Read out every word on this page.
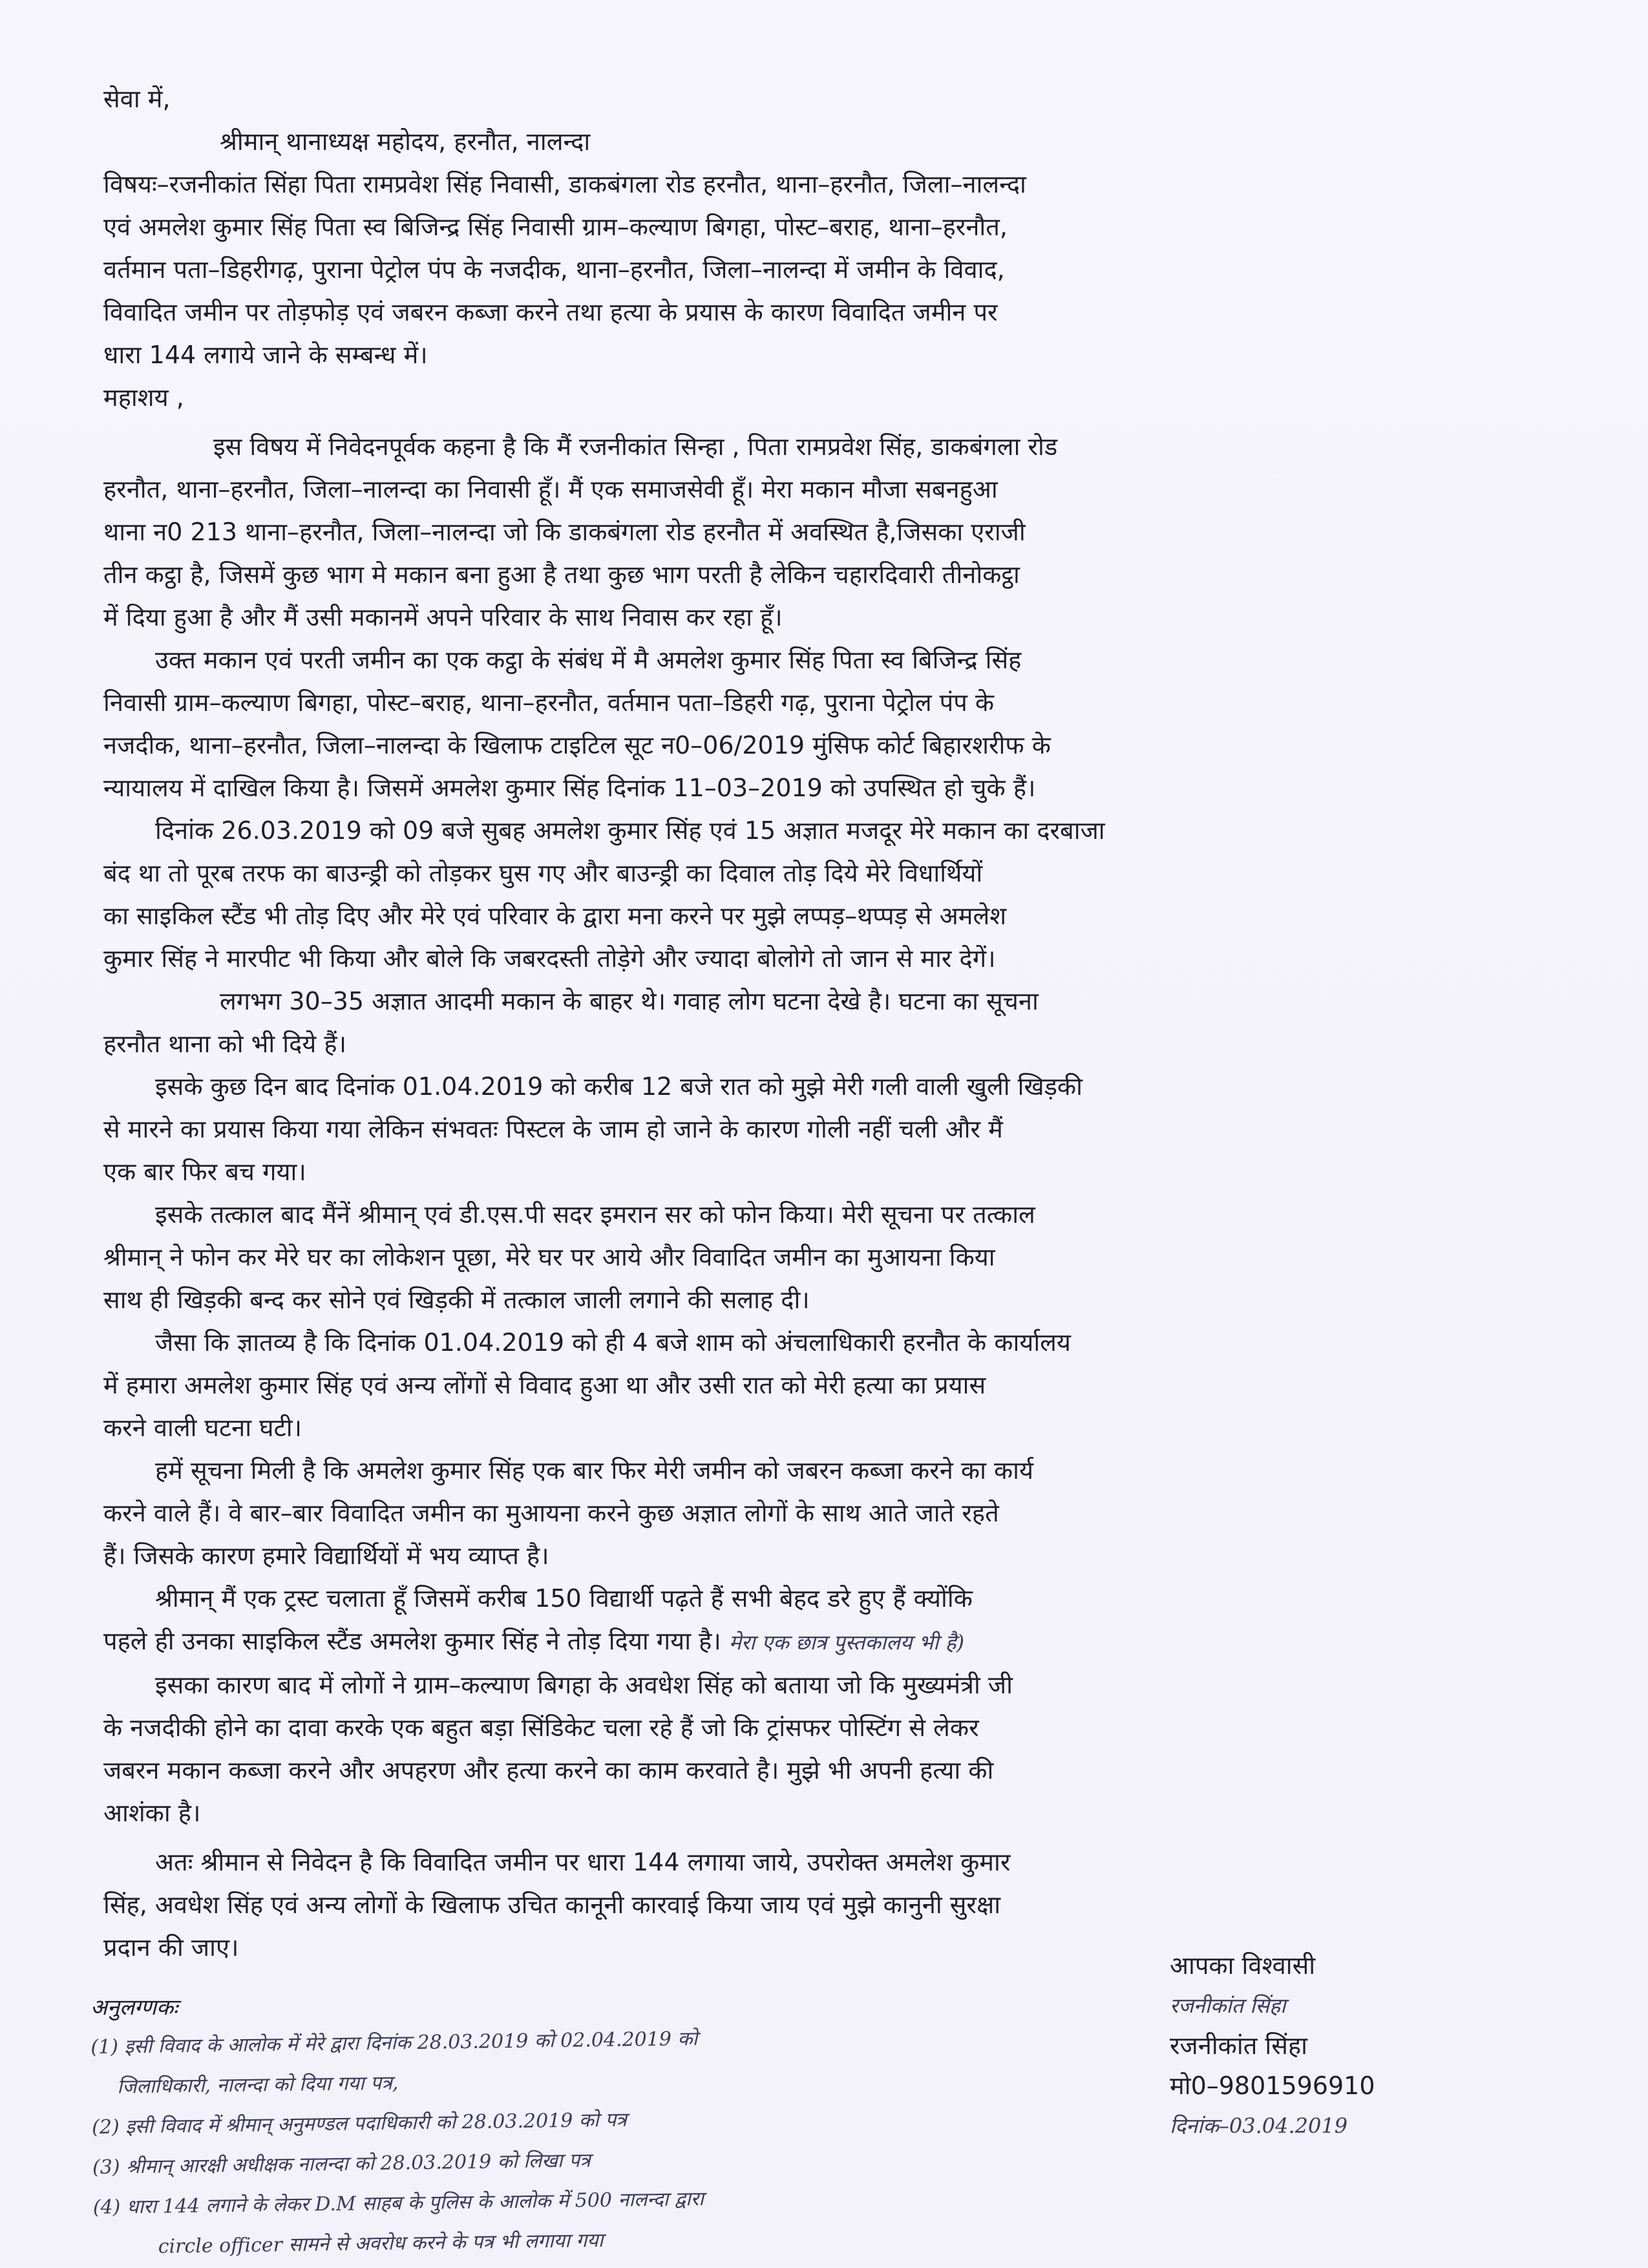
सेवा में,
श्रीमान् थानाध्यक्ष महोदय, हरनौत, नालन्दा
विषयः–रजनीकांत सिंहा पिता रामप्रवेश सिंह निवासी, डाकबंगला रोड हरनौत, थाना–हरनौत, जिला–नालन्दा
एवं अमलेश कुमार सिंह पिता स्व बिजिन्द्र सिंह निवासी ग्राम–कल्याण बिगहा, पोस्ट–बराह, थाना–हरनौत,
वर्तमान पता–डिहरीगढ़, पुराना पेट्रोल पंप के नजदीक, थाना–हरनौत, जिला–नालन्दा में जमीन के विवाद,
विवादित जमीन पर तोड़फोड़ एवं जबरन कब्जा करने तथा हत्या के प्रयास के कारण विवादित जमीन पर
धारा 144 लगाये जाने के सम्बन्ध में।
महाशय ,
इस विषय में निवेदनपूर्वक कहना है कि मैं रजनीकांत सिन्हा , पिता रामप्रवेश सिंह, डाकबंगला रोड
हरनौत, थाना–हरनौत, जिला–नालन्दा का निवासी हूँ। मैं एक समाजसेवी हूँ। मेरा मकान मौजा सबनहुआ
थाना न0 213 थाना–हरनौत, जिला–नालन्दा जो कि डाकबंगला रोड हरनौत में अवस्थित है,जिसका एराजी
तीन कट्ठा है, जिसमें कुछ भाग मे मकान बना हुआ है तथा कुछ भाग परती है लेकिन चहारदिवारी तीनोकट्ठा
में दिया हुआ है और मैं उसी मकानमें अपने परिवार के साथ निवास कर रहा हूँ।
उक्त मकान एवं परती जमीन का एक कट्ठा के संबंध में मै अमलेश कुमार सिंह पिता स्व बिजिन्द्र सिंह
निवासी ग्राम–कल्याण बिगहा, पोस्ट–बराह, थाना–हरनौत, वर्तमान पता–डिहरी गढ़, पुराना पेट्रोल पंप के
नजदीक, थाना–हरनौत, जिला–नालन्दा के खिलाफ टाइटिल सूट न0–06/2019 मुंसिफ कोर्ट बिहारशरीफ के
न्यायालय में दाखिल किया है। जिसमें अमलेश कुमार सिंह दिनांक 11–03–2019 को उपस्थित हो चुके हैं।
दिनांक 26.03.2019 को 09 बजे सुबह अमलेश कुमार सिंह एवं 15 अज्ञात मजदूर मेरे मकान का दरबाजा
बंद था तो पूरब तरफ का बाउन्ड्री को तोड़कर घुस गए और बाउन्ड्री का दिवाल तोड़ दिये मेरे विधार्थियों
का साइकिल स्टैंड भी तोड़ दिए और मेरे एवं परिवार के द्वारा मना करने पर मुझे लप्पड़–थप्पड़ से अमलेश
कुमार सिंह ने मारपीट भी किया और बोले कि जबरदस्ती तोड़ेगे और ज्यादा बोलोगे तो जान से मार देगें।
लगभग 30–35 अज्ञात आदमी मकान के बाहर थे। गवाह लोग घटना देखे है। घटना का सूचना
हरनौत थाना को भी दिये हैं।
इसके कुछ दिन बाद दिनांक 01.04.2019 को करीब 12 बजे रात को मुझे मेरी गली वाली खुली खिड़की
से मारने का प्रयास किया गया लेकिन संभवतः पिस्टल के जाम हो जाने के कारण गोली नहीं चली और मैं
एक बार फिर बच गया।
इसके तत्काल बाद मैंनें श्रीमान् एवं डी.एस.पी सदर इमरान सर को फोन किया। मेरी सूचना पर तत्काल
श्रीमान् ने फोन कर मेरे घर का लोकेशन पूछा, मेरे घर पर आये और विवादित जमीन का मुआयना किया
साथ ही खिड़की बन्द कर सोने एवं खिड़की में तत्काल जाली लगाने की सलाह दी।
जैसा कि ज्ञातव्य है कि दिनांक 01.04.2019 को ही 4 बजे शाम को अंचलाधिकारी हरनौत के कार्यालय
में हमारा अमलेश कुमार सिंह एवं अन्य लोंगों से विवाद हुआ था और उसी रात को मेरी हत्या का प्रयास
करने वाली घटना घटी।
हमें सूचना मिली है कि अमलेश कुमार सिंह एक बार फिर मेरी जमीन को जबरन कब्जा करने का कार्य
करने वाले हैं। वे बार–बार विवादित जमीन का मुआयना करने कुछ अज्ञात लोगों के साथ आते जाते रहते
हैं। जिसके कारण हमारे विद्यार्थियों में भय व्याप्त है।
श्रीमान् मैं एक ट्रस्ट चलाता हूँ जिसमें करीब 150 विद्यार्थी पढ़ते हैं सभी बेहद डरे हुए हैं क्योंकि
पहले ही उनका साइकिल स्टैंड अमलेश कुमार सिंह ने तोड़ दिया गया है। मेरा एक छात्र पुस्तकालय भी है)
इसका कारण बाद में लोगों ने ग्राम–कल्याण बिगहा के अवधेश सिंह को बताया जो कि मुख्यमंत्री जी
के नजदीकी होने का दावा करके एक बहुत बड़ा सिंडिकेट चला रहे हैं जो कि ट्रांसफर पोस्टिंग से लेकर
जबरन मकान कब्जा करने और अपहरण और हत्या करने का काम करवाते है। मुझे भी अपनी हत्या की
आशंका है।
अतः श्रीमान से निवेदन है कि विवादित जमीन पर धारा 144 लगाया जाये, उपरोक्त अमलेश कुमार
सिंह, अवधेश सिंह एवं अन्य लोगों के खिलाफ उचित कानूनी कारवाई किया जाय एवं मुझे कानुनी सुरक्षा
प्रदान की जाए।
आपका विश्वासी
रजनीकांत सिंहा
रजनीकांत सिंहा
मो0–9801596910
दिनांक–03.04.2019
अनुलग्णकः
(1) इसी विवाद के आलोक में मेरे द्वारा दिनांक 28.03.2019 को 02.04.2019 को
जिलाधिकारी, नालन्दा को दिया गया पत्र,
(2) इसी विवाद में श्रीमान् अनुमण्डल पदाधिकारी को 28.03.2019 को पत्र
(3) श्रीमान् आरक्षी अधीक्षक नालन्दा को 28.03.2019 को लिखा पत्र
(4) धारा 144 लगाने के लेकर D.M साहब के पुलिस के आलोक में 500 नालन्दा द्वारा
circle officer सामने से अवरोध करने के पत्र भी लगाया गया
